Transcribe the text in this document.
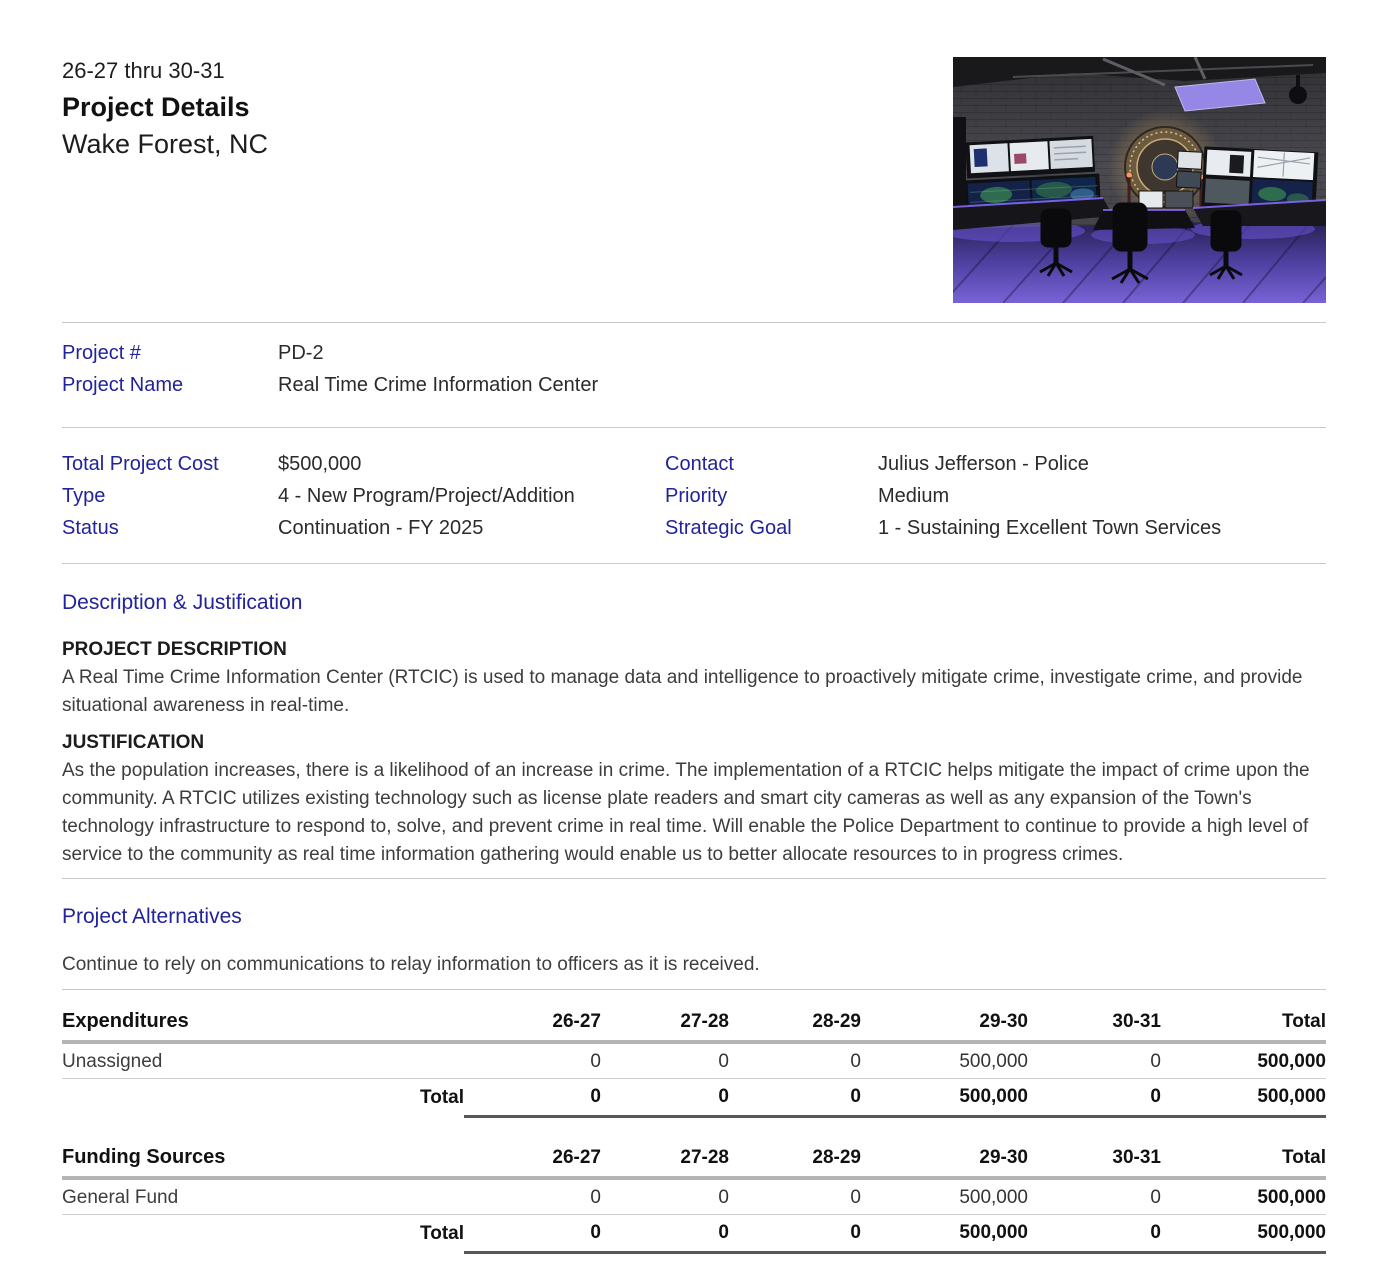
26-27 thru 30-31
Project Details
Wake Forest, NC
Project #	PD-2
Project Name	Real Time Crime Information Center
Total Project Cost	$500,000
Type	4 - New Program/Project/Addition
Status	Continuation - FY 2025
Contact	Julius Jefferson - Police
Priority	Medium
Strategic Goal	1 - Sustaining Excellent Town Services
Description & Justification
PROJECT DESCRIPTION

A Real Time Crime Information Center (RTCIC) is used to manage data and intelligence to proactively mitigate crime, investigate crime, and provide situational awareness in real-time.

JUSTIFICATION

As the population increases, there is a likelihood of an increase in crime. The implementation of a RTCIC helps mitigate the impact of crime upon the community. A RTCIC utilizes existing technology such as license plate readers and smart city cameras as well as any expansion of the Town's technology infrastructure to respond to, solve, and prevent crime in real time. Will enable the Police Department to continue to provide a high level of service to the community as real time information gathering would enable us to better allocate resources to in progress crimes.

Project Alternatives

Continue to rely on communications to relay information to officers as it is received.

Expenditures	26-27	27-28	28-29	29-30	30-31	Total
Unassigned	0	0	0	500,000	0	500,000
Total	0	0	0	500,000	0	500,000
Funding Sources	26-27	27-28	28-29	29-30	30-31	Total
General Fund	0	0	0	500,000	0	500,000
Total	0	0	0	500,000	0	500,000
